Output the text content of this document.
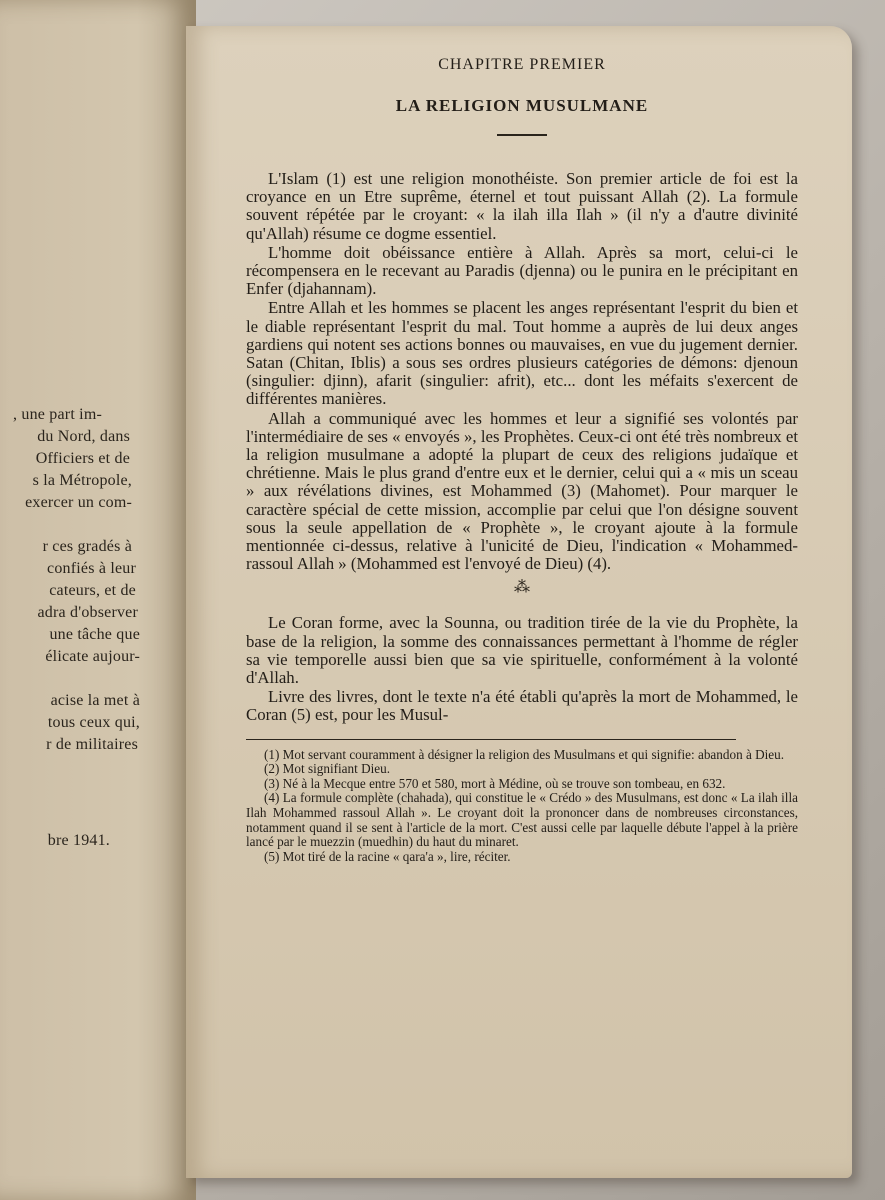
, une part im-
du Nord, dans
Officiers et de
s la Métropole,
exercer un com-
r ces gradés à
confiés à leur
cateurs, et de
adra d'observer
une tâche que
élicate aujour-
acise la met à
tous ceux qui,
r de militaires
bre 1941.
CHAPITRE PREMIER
LA RELIGION MUSULMANE

L'Islam (1) est une religion monothéiste. Son premier article de foi est la croyance en un Etre suprême, éternel et tout puissant Allah (2). La formule souvent répétée par le croyant: « la ilah illa Ilah » (il n'y a d'autre divinité qu'Allah) résume ce dogme essentiel.

L'homme doit obéissance entière à Allah. Après sa mort, celui-ci le récompensera en le recevant au Paradis (djenna) ou le punira en le précipitant en Enfer (djahannam).

Entre Allah et les hommes se placent les anges représentant l'esprit du bien et le diable représentant l'esprit du mal. Tout homme a auprès de lui deux anges gardiens qui notent ses actions bonnes ou mauvaises, en vue du jugement dernier. Satan (Chitan, Iblis) a sous ses ordres plusieurs catégories de démons: djenoun (singulier: djinn), afarit (singulier: afrit), etc... dont les méfaits s'exercent de différentes manières.

Allah a communiqué avec les hommes et leur a signifié ses volontés par l'intermédiaire de ses « envoyés », les Prophètes. Ceux-ci ont été très nombreux et la religion musulmane a adopté la plupart de ceux des religions judaïque et chrétienne. Mais le plus grand d'entre eux et le dernier, celui qui a « mis un sceau » aux révélations divines, est Mohammed (3) (Mahomet). Pour marquer le caractère spécial de cette mission, accomplie par celui que l'on désigne souvent sous la seule appellation de « Prophète », le croyant ajoute à la formule mentionnée ci-dessus, relative à l'unicité de Dieu, l'indication « Mohammed-rassoul Allah » (Mohammed est l'envoyé de Dieu) (4).

⁂

Le Coran forme, avec la Sounna, ou tradition tirée de la vie du Prophète, la base de la religion, la somme des connaissances permettant à l'homme de régler sa vie temporelle aussi bien que sa vie spirituelle, conformément à la volonté d'Allah.

Livre des livres, dont le texte n'a été établi qu'après la mort de Mohammed, le Coran (5) est, pour les Musul-

(1) Mot servant couramment à désigner la religion des Musulmans et qui signifie: abandon à Dieu.

(2) Mot signifiant Dieu.

(3) Né à la Mecque entre 570 et 580, mort à Médine, où se trouve son tombeau, en 632.

(4) La formule complète (chahada), qui constitue le « Crédo » des Musulmans, est donc « La ilah illa Ilah Mohammed rassoul Allah ». Le croyant doit la prononcer dans de nombreuses circonstances, notamment quand il se sent à l'article de la mort. C'est aussi celle par laquelle débute l'appel à la prière lancé par le muezzin (muedhin) du haut du minaret.

(5) Mot tiré de la racine « qara'a », lire, réciter.
